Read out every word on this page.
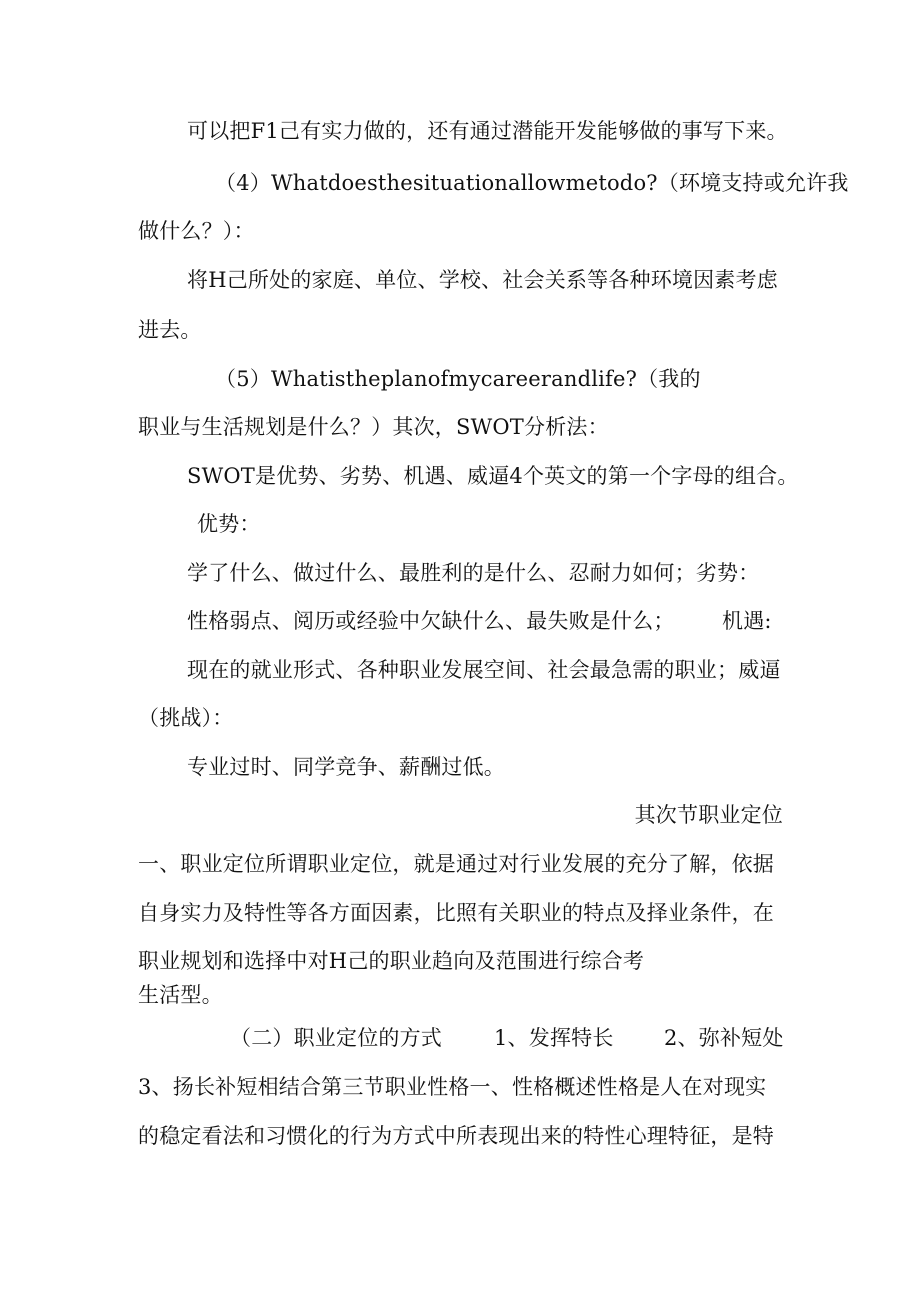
可以把F1己有实力做的，还有通过潜能开发能够做的事写下来。
（4）Whatdoesthesituationallowmetodo?（环境支持或允许我
做什么？）：
将H己所处的家庭、单位、学校、社会关系等各种环境因素考虑
进去。
（5）Whatistheplanofmycareerandlife?（我的
职业与生活规划是什么？）其次，SWOT分析法：
SWOT是优势、劣势、机遇、威逼4个英文的第一个字母的组合。
优势：
学了什么、做过什么、最胜利的是什么、忍耐力如何；劣势：
性格弱点、阅历或经验中欠缺什么、最失败是什么； 机遇:
现在的就业形式、各种职业发展空间、社会最急需的职业；威逼
（挑战）：
专业过时、同学竞争、薪酬过低。
其次节职业定位
一、职业定位所谓职业定位，就是通过对行业发展的充分了解，依据
自身实力及特性等各方面因素，比照有关职业的特点及择业条件，在
职业规划和选择中对H己的职业趋向及范围进行综合考
生活型。
（二）职业定位的方式 1、发挥特长 2、弥补短处
3、扬长补短相结合第三节职业性格一、性格概述性格是人在对现实
的稳定看法和习惯化的行为方式中所表现出来的特性心理特征，是特
